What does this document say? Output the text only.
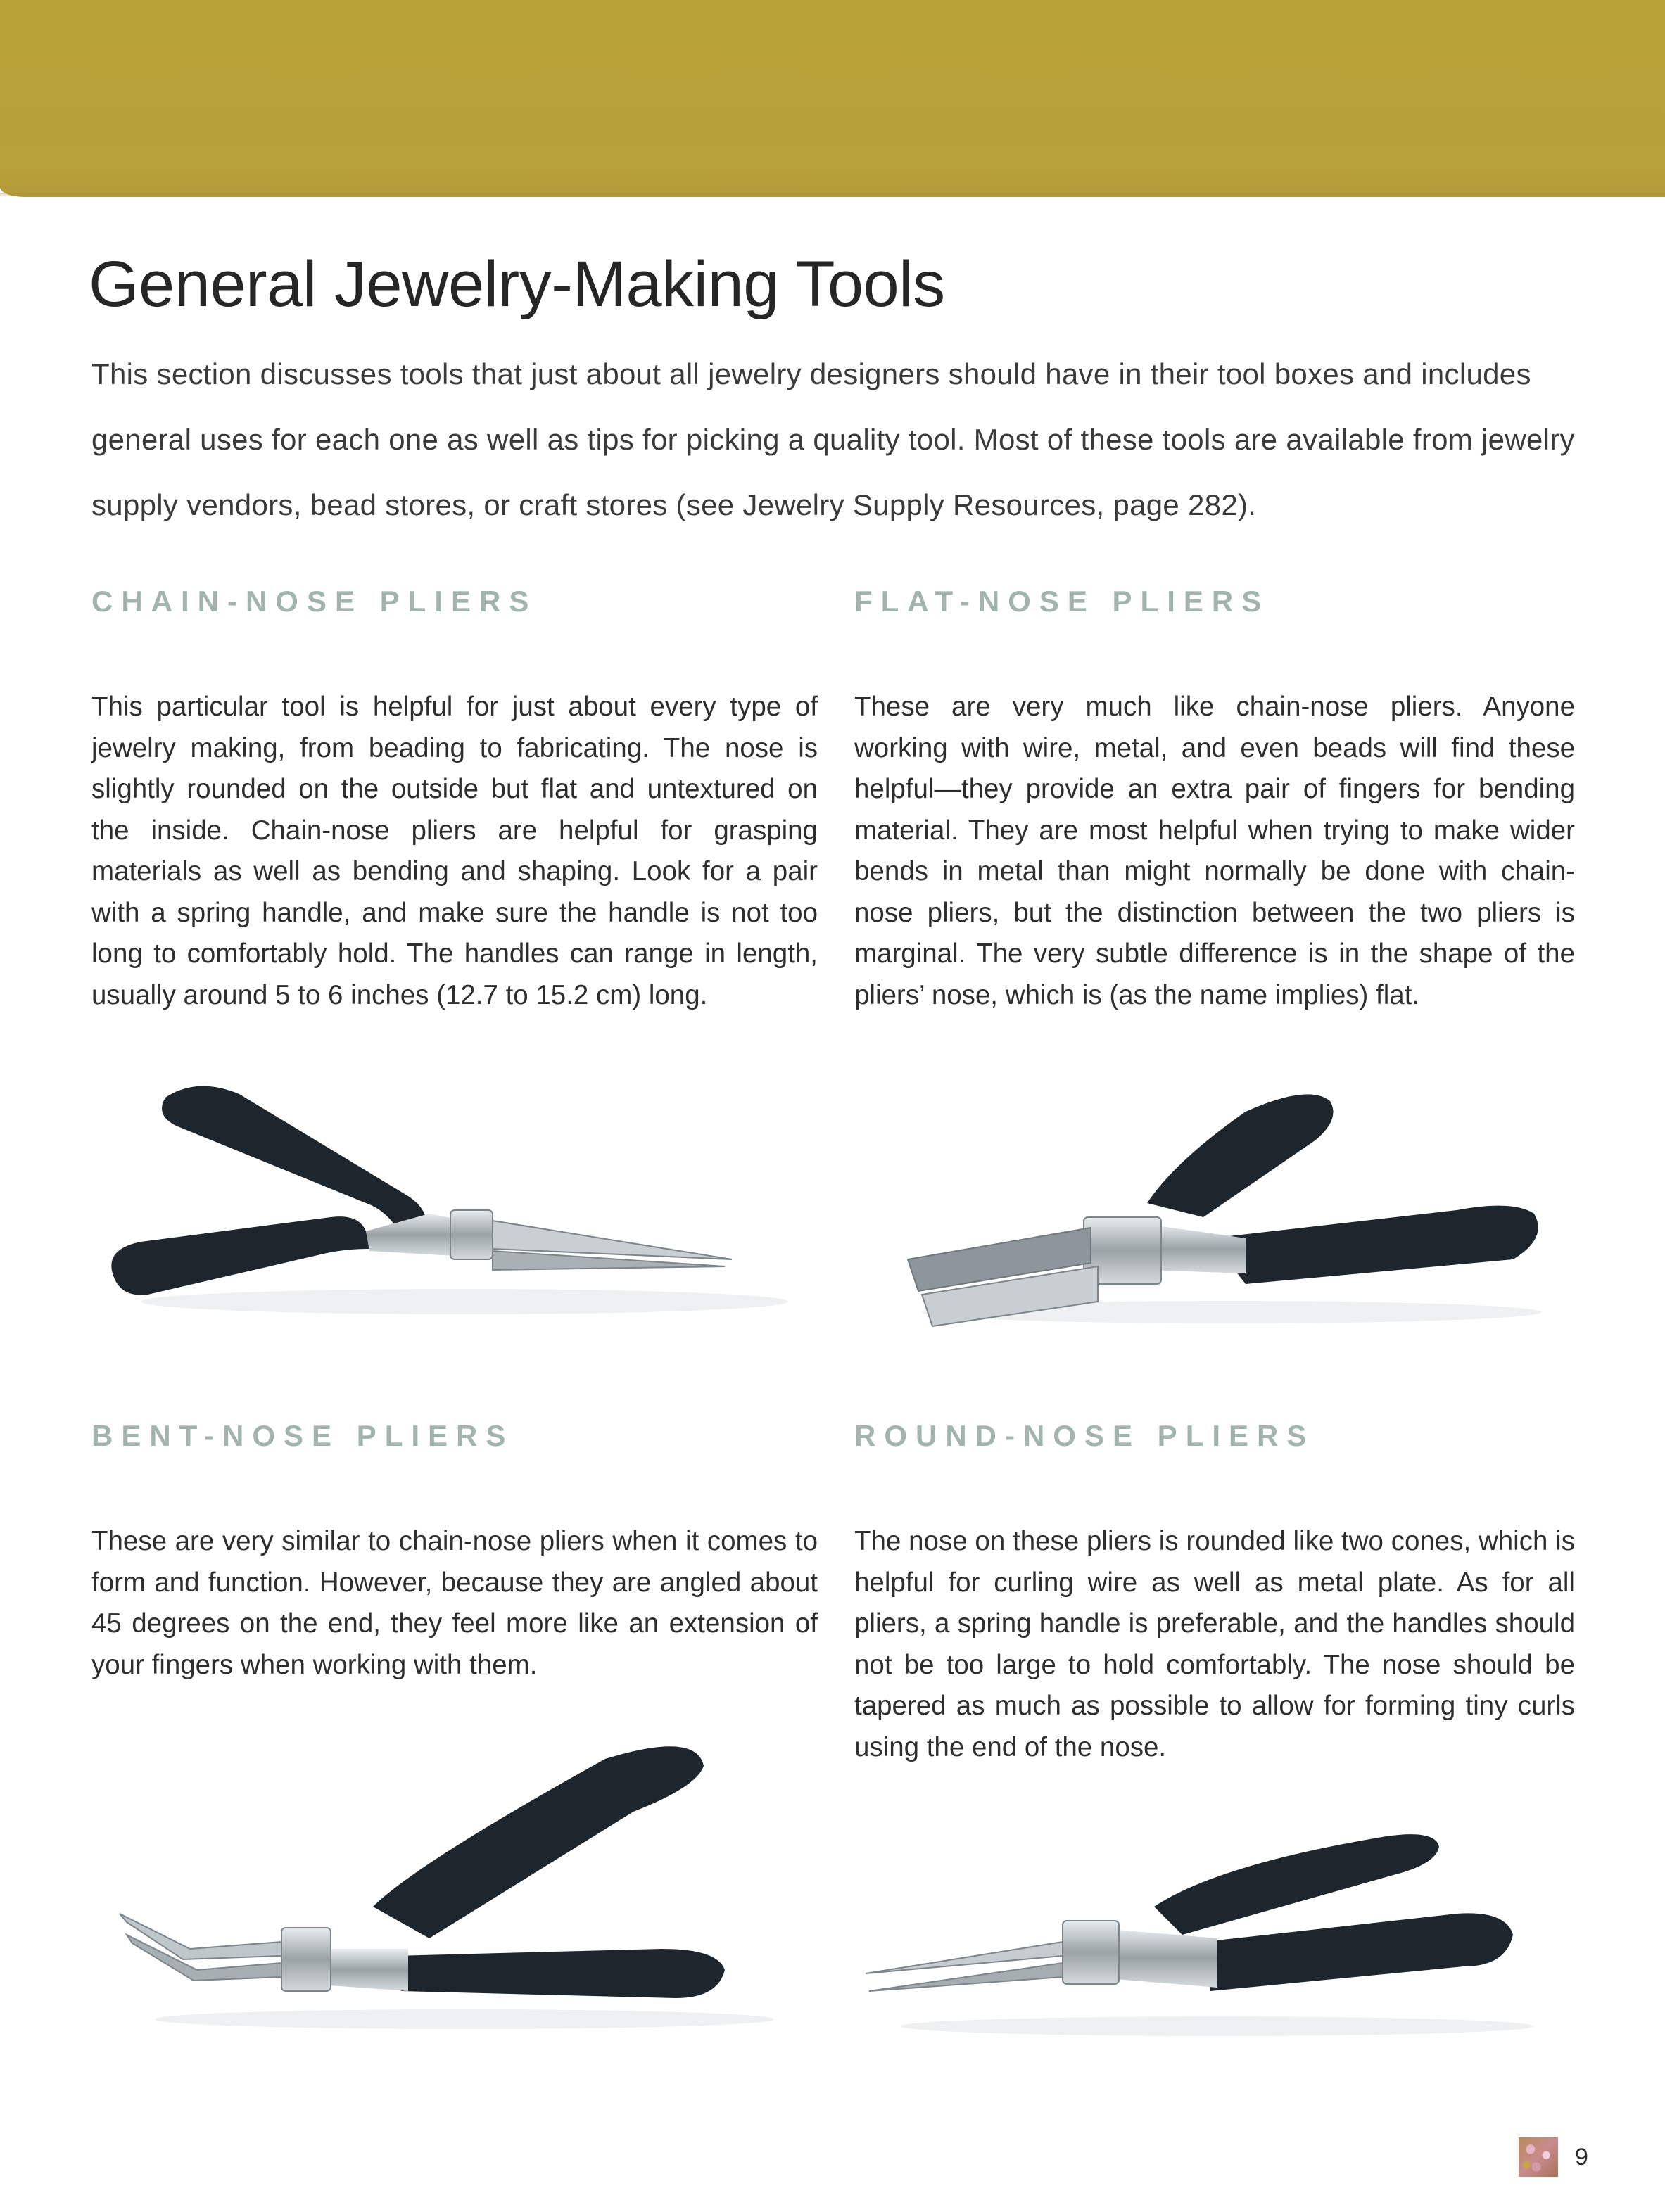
General Jewelry-Making Tools

This section discusses tools that just about all jewelry designers should have in their tool boxes and includes general uses for each one as well as tips for picking a quality tool. Most of these tools are available from jewelry supply vendors, bead stores, or craft stores (see Jewelry Supply Resources, page 282).

CHAIN-NOSE PLIERS

This particular tool is helpful for just about every type of jewelry making, from beading to fabricating. The nose is slightly rounded on the outside but flat and untextured on the inside. Chain-nose pliers are helpful for grasping materials as well as bending and shaping. Look for a pair with a spring handle, and make sure the handle is not too long to comfortably hold. The handles can range in length, usually around 5 to 6 inches (12.7 to 15.2 cm) long.

FLAT-NOSE PLIERS

These are very much like chain-nose pliers. Anyone working with wire, metal, and even beads will find these helpful—they provide an extra pair of fingers for bending material. They are most helpful when trying to make wider bends in metal than might normally be done with chain-nose pliers, but the distinction between the two pliers is marginal. The very subtle difference is in the shape of the pliers’ nose, which is (as the name implies) flat.

BENT-NOSE PLIERS

These are very similar to chain-nose pliers when it comes to form and function. However, because they are angled about 45 degrees on the end, they feel more like an extension of your fingers when working with them.

ROUND-NOSE PLIERS

The nose on these pliers is rounded like two cones, which is helpful for curling wire as well as metal plate. As for all pliers, a spring handle is preferable, and the handles should not be too large to hold comfortably. The nose should be tapered as much as possible to allow for forming tiny curls using the end of the nose.

9
